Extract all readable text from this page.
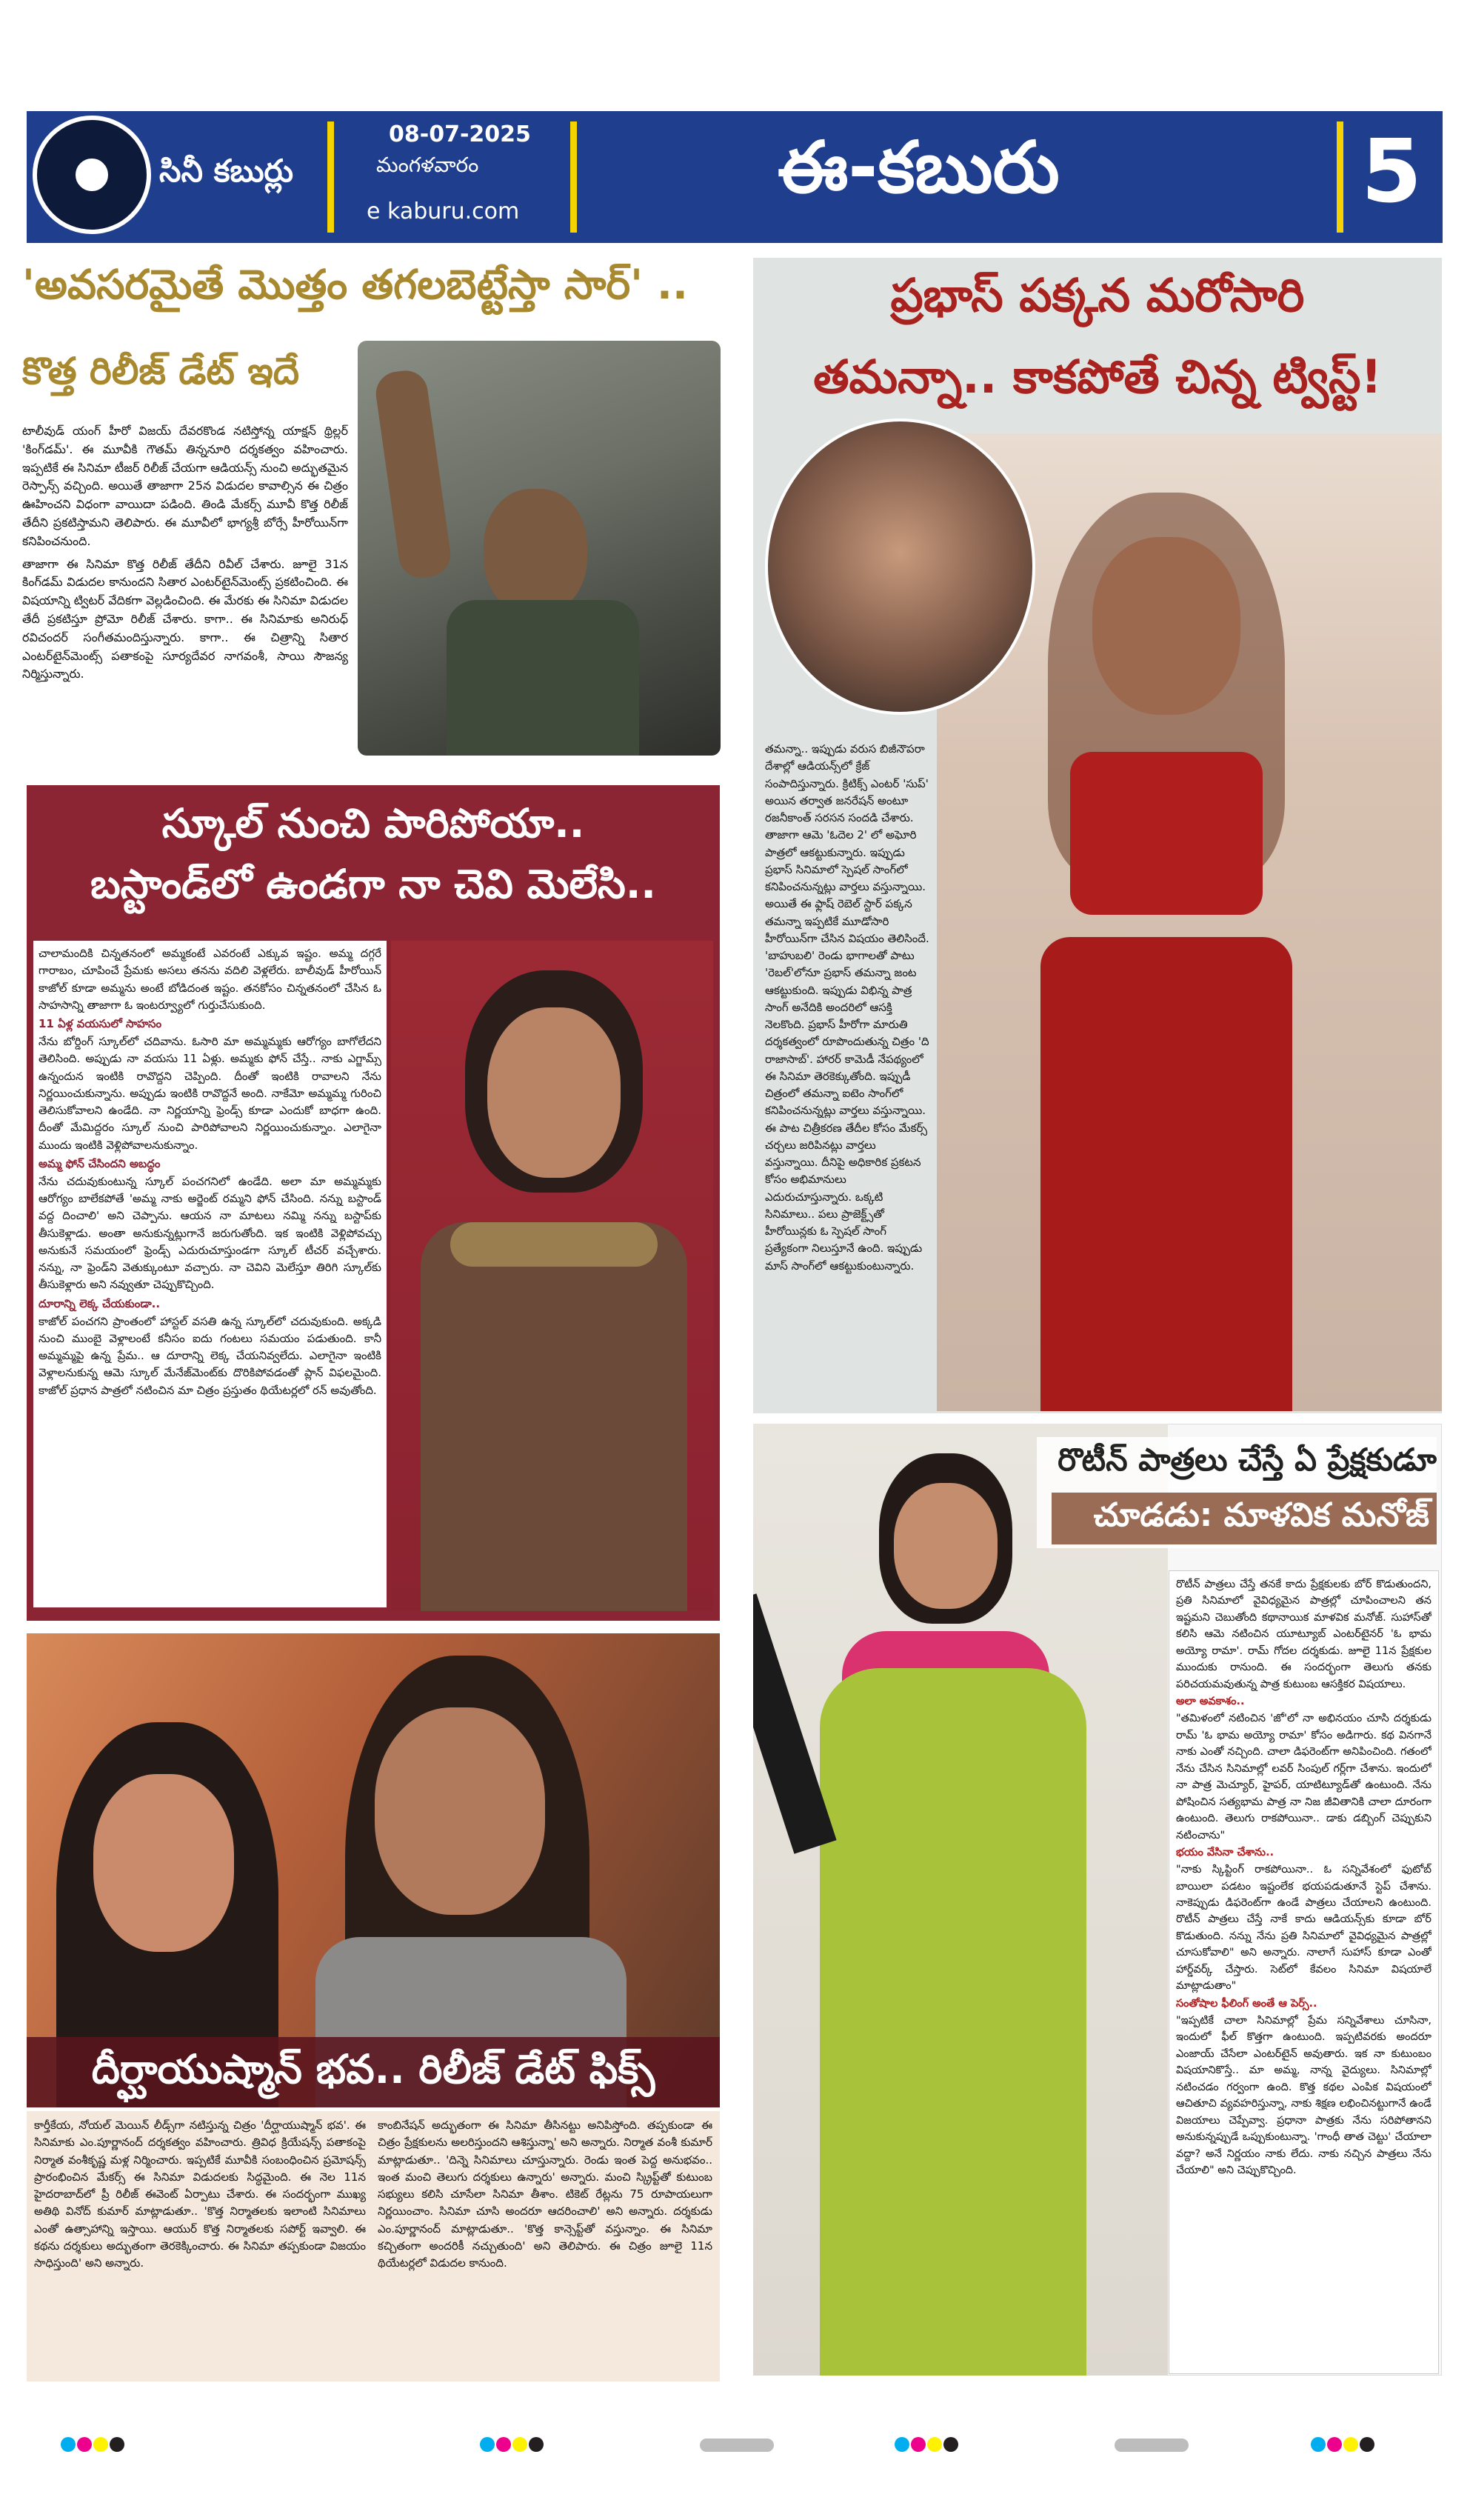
సినీ కబుర్లు
08-07-2025
మంగళవారం
e kaburu.com
ఈ-కబురు	5
'అవసరమైతే మొత్తం తగలబెట్టేస్తా సార్' ..
కొత్త రిలీజ్ డేట్ ఇదే

టాలీవుడ్ యంగ్ హీరో విజయ్ దేవరకొండ నటిస్తోన్న యాక్షన్ థ్రిల్లర్ 'కింగ్‌డమ్'. ఈ మూవీకి గౌతమ్ తిన్ననూరి దర్శకత్వం వహించారు. ఇప్పటికే ఈ సినిమా టీజర్ రిలీజ్ చేయగా ఆడియన్స్ నుంచి అద్భుతమైన రెస్పాన్స్ వచ్చింది. అయితే తాజాగా 25న విడుదల కావాల్సిన ఈ చిత్రం ఊహించని విధంగా వాయిదా పడింది. తిండి మేకర్స్ మూవీ కొత్త రిలీజ్ తేదీని ప్రకటిస్తామని తెలిపారు. ఈ మూవీలో భాగ్యశ్రీ బోర్సే హీరోయిన్‌గా కనిపించనుంది.

తాజాగా ఈ సినిమా కొత్త రిలీజ్ తేదీని రివీల్ చేశారు. జూలై 31న కింగ్‌డమ్ విడుదల కానుందని సితార ఎంటర్‌టైన్‌మెంట్స్ ప్రకటించింది. ఈ విషయాన్ని ట్విటర్ వేదికగా వెల్లడించింది. ఈ మేరకు ఈ సినిమా విడుదల తేదీ ప్రకటిస్తూ ప్రోమో రిలీజ్ చేశారు. కాగా.. ఈ సినిమాకు అనిరుధ్ రవిచందర్ సంగీతమందిస్తున్నారు. కాగా.. ఈ చిత్రాన్ని సితార ఎంటర్‌టైన్‌మెంట్స్ పతాకంపై సూర్యదేవర నాగవంశీ, సాయి సౌజన్య నిర్మిస్తున్నారు.

ప్రభాస్ పక్కన మరోసారి
తమన్నా.. కాకపోతే చిన్న ట్విస్ట్!

తమన్నా.. ఇప్పుడు వరుస బిజీనౌపరా దేశాల్లో ఆడియన్స్‌లో క్రేజ్ సంపాదిస్తున్నారు. క్రిటిక్స్ ఎంటర్ 'సుప్' అయిన తర్వాత జనరేషన్ అంటూ రజనీకాంత్ సరసన సందడి చేశారు. తాజాగా ఆమె 'ఓదెల 2' లో అఘోరి పాత్రలో ఆకట్టుకున్నారు. ఇప్పుడు ప్రభాస్ సినిమాలో స్పెషల్ సాంగ్‌లో కనిపించనున్నట్లు వార్తలు వస్తున్నాయి. అయితే ఈ ఫ్లాష్ రెబెల్ స్టార్ పక్కన తమన్నా ఇప్పటికే మూడోసారి హీరోయిన్‌గా చేసిన విషయం తెలిసిందే. 'బాహుబలి' రెండు భాగాలతో పాటు 'రెబల్'లోనూ ప్రభాస్ తమన్నా జంట ఆకట్టుకుంది. ఇప్పుడు విభిన్న పాత్ర సాంగ్ అనేదికి అందరిలో ఆసక్తి నెలకొంది. ప్రభాస్ హీరోగా మారుతి దర్శకత్వంలో రూపొందుతున్న చిత్రం 'ది రాజాసాబ్'. హారర్ కామెడీ నేపథ్యంలో ఈ సినిమా తెరకెక్కుతోంది. ఇప్పుడీ చిత్రంలో తమన్నా ఐటెం సాంగ్‌లో కనిపించనున్నట్లు వార్తలు వస్తున్నాయి. ఈ పాట చిత్రీకరణ తేదీల కోసం మేకర్స్ చర్చలు జరిపినట్లు వార్తలు వస్తున్నాయి. దీనిపై అధికారిక ప్రకటన కోసం అభిమానులు ఎదురుచూస్తున్నారు. ఒక్కటి సినిమాలు.. పలు ప్రాజెక్ట్స్‌తో హీరోయిన్లకు ఓ స్పెషల్ సాంగ్ ప్రత్యేకంగా నిలుస్తూనే ఉంది. ఇప్పుడు మాస్ సాంగ్‌లో ఆకట్టుకుంటున్నారు.

స్కూల్ నుంచి పారిపోయా..
బస్టాండ్‌లో ఉండగా నా చెవి మెలేసి..

చాలామందికి చిన్నతనంలో అమ్మకంటే ఎవరంటే ఎక్కువ ఇష్టం. అమ్మ దగ్గరే గారాబం, చూపించే ప్రేమకు అసలు తనను వదిలి వెళ్లలేరు. బాలీవుడ్ హీరోయిన్ కాజోల్ కూడా అమ్మను అంటే బోడిదంత ఇష్టం. తనకోసం చిన్నతనంలో చేసిన ఓ సాహసాన్ని తాజాగా ఓ ఇంటర్వ్యూలో గుర్తుచేసుకుంది.

11 ఏళ్ల వయసులో సాహసం

నేను బోర్డింగ్ స్కూల్‌లో చదివాను. ఓసారి మా అమ్మమ్మకు ఆరోగ్యం బాగోలేదని తెలిసింది. అప్పుడు నా వయసు 11 ఏళ్లు. అమ్మకు ఫోన్ చేస్తే.. నాకు ఎగ్జామ్స్ ఉన్నందున ఇంటికి రావొద్దని చెప్పింది. దీంతో ఇంటికి రావాలని నేను నిర్ణయించుకున్నాను. అప్పుడు ఇంటికి రావొద్దనే అంది. నాకేమో అమ్మమ్మ గురించి తెలిసుకోవాలని ఉండేది. నా నిర్ణయాన్ని ఫ్రెండ్స్‌ కూడా ఎందుకో బాధగా ఉంది. దీంతో మేమిద్దరం స్కూల్ నుంచి పారిపోవాలని నిర్ణయించుకున్నాం. ఎలాగైనా ముందు ఇంటికి వెళ్లిపోవాలనుకున్నాం.

అమ్మ ఫోన్ చేసిందని అబద్ధం

నేను చదువుకుంటున్న స్కూల్ పంచగనిలో ఉండేది. అలా మా అమ్మమ్మకు ఆరోగ్యం బాలేకపోతే 'అమ్మ నాకు అర్జెంట్‌ రమ్మని ఫోన్ చేసింది. నన్ను బస్టాండ్ వద్ద దించాలి' అని చెప్పాను. ఆయన నా మాటలు నమ్మి నన్ను బస్టాప్‌కు తీసుకెళ్లాడు. అంతా అనుకున్నట్లుగానే జరుగుతోంది. ఇక ఇంటికి వెళ్లిపోవచ్చు అనుకునే సమయంలో ఫ్రెండ్స్ ఎదురుచూస్తుండగా స్కూల్ టీచర్ వచ్చేశారు. నన్ను, నా ఫ్రెండ్‌ని వెతుక్కుంటూ వచ్చారు. నా చెవిని మెలేస్తూ తిరిగి స్కూల్‌కు తీసుకెళ్లారు అని నవ్వుతూ చెప్పుకొచ్చింది.

దూరాన్ని లెక్క చేయకుండా..

కాజోల్ పంచగని ప్రాంతంలో హాస్టల్ వసతి ఉన్న స్కూల్‌లో చదువుకుంది. అక్కడి నుంచి ముంబై వెళ్లాలంటే కనీసం ఐదు గంటలు సమయం పడుతుంది. కానీ అమ్మమ్మపై ఉన్న ప్రేమ.. ఆ దూరాన్ని లెక్క చేయనివ్వలేదు. ఎలాగైనా ఇంటికి వెళ్లాలనుకున్న ఆమె స్కూల్ మేనేజ్‌మెంట్‌కు దొరికిపోవడంతో ప్లాన్ విఫలమైంది. కాజోల్ ప్రధాన పాత్రలో నటించిన మా చిత్రం ప్రస్తుతం థియేటర్లలో రన్ అవుతోంది.

రొటీన్ పాత్రలు చేస్తే ఏ ప్రేక్షకుడూ
చూడడు: మాళవిక మనోజ్

రొటీన్ పాత్రలు చేస్తే తనకే కాదు ప్రేక్షకులకు బోర్ కొడుతుందని, ప్రతి సినిమాలో వైవిధ్యమైన పాత్రల్లో చూపించాలని తన ఇష్టమని చెబుతోంది కథానాయిక మాళవిక మనోజ్. సుహాస్‌తో కలిసి ఆమె నటించిన యూట్యూబ్ ఎంటర్‌టైనర్ 'ఓ భామ అయ్యో రామా'. రామ్ గోదల దర్శకుడు. జూలై 11న ప్రేక్షకుల ముందుకు రానుంది. ఈ సందర్భంగా తెలుగు తనకు పరిచయమవుతున్న పాత్ర కుటుంబ ఆసక్తికర విషయాలు.

అలా అవకాశం..

"తమిళంలో నటించిన 'జో'లో నా అభినయం చూసి దర్శకుడు రామ్ 'ఓ భామ అయ్యో రామా' కోసం అడిగారు. కథ వినగానే నాకు ఎంతో నచ్చింది. చాలా డిఫరెంట్‌గా అనిపించింది. గతంలో నేను చేసిన సినిమాల్లో లవర్ సింపుల్ గర్ల్‌గా చేశాను. ఇందులో నా పాత్ర మెచ్యూర్, హైపర్, యాటిట్యూడ్‌తో ఉంటుంది. నేను పోషించిన సత్యభామ పాత్ర నా నిజ జీవితానికి చాలా దూరంగా ఉంటుంది. తెలుగు రాకపోయినా.. డాకు డబ్బింగ్ చెప్పుకుని నటించాను"

భయం వేసినా చేశాను..

"నాకు స్కిప్టింగ్ రాకపోయినా.. ఓ సన్నివేశంలో ఫుటోబ్ బాయిలా పడటం ఇష్టంలేక భయపడుతూనే స్టెప్ చేశాను. నాకెప్పుడు డిఫరెంట్‌గా ఉండే పాత్రలు చేయాలని ఉంటుంది. రొటీన్ పాత్రలు చేస్తే నాకే కాదు ఆడియన్స్‌కు కూడా బోర్ కొడుతుంది. నన్ను నేను ప్రతి సినిమాలో వైవిధ్యమైన పాత్రల్లో చూసుకోవాలి" అని అన్నారు. నాలాగే సుహాస్ కూడా ఎంతో హార్డ్‌వర్క్ చేస్తారు. సెట్‌లో కేవలం సినిమా విషయాలే మాట్లాడుతాం"

సంతోషాల ఫీలింగ్ అంతే ఆ పెర్స్..

"ఇప్పటికే చాలా సినిమాల్లో ప్రేమ సన్నివేశాలు చూసినా, ఇందులో ఫీల్ కొత్తగా ఉంటుంది. ఇప్పటివరకు అందరూ ఎంజాయ్ చేసేలా ఎంటర్‌టైన్ అవుతారు. ఇక నా కుటుంబం విషయానికొస్తే.. మా అమ్మ, నాన్న వైద్యులు. సినిమాల్లో నటించడం గర్వంగా ఉంది. కొత్త కథల ఎంపిక విషయంలో ఆచితూచి వ్యవహరిస్తున్నా, నాకు శిక్షణ లభించినట్టుగానే ఉండే విజయాలు చెప్పేవ్వా. ప్రధానా పాత్రకు నేను సరిపోతానని అనుకున్నప్పుడే ఒప్పుకుంటున్నా. 'గాంధీ తాత చెట్టు' చేయాలా వద్దా? అనే నిర్ణయం నాకు లేదు. నాకు నచ్చిన పాత్రలు నేను చేయాలి" అని చెప్పుకొచ్చింది.

దీర్ఘాయుష్మాన్ భవ.. రిలీజ్ డేట్ ఫిక్స్

కార్తీకేయ, నోయల్ మెయిన్ లీడ్స్‌గా నటిస్తున్న చిత్రం 'దీర్ఘాయుష్మాన్ భవ'. ఈ సినిమాకు ఎం.పూర్ణానంద్ దర్శకత్వం వహించారు. త్రివిధ క్రియేషన్స్ పతాకంపై నిర్మాత వంశీకృష్ణ మళ్ల నిర్మించారు. ఇప్పటికే మూవీకి సంబంధించిన ప్రమోషన్స్ ప్రారంభించిన మేకర్స్ ఈ సినిమా విడుదలకు సిద్ధమైంది. ఈ నెల 11న హైదరాబాద్‌లో ప్రీ రిలీజ్ ఈవెంట్ ఏర్పాటు చేశారు. ఈ సందర్భంగా ముఖ్య అతిథి వినోద్ కుమార్ మాట్లాడుతూ.. 'కొత్త నిర్మాతలకు ఇలాంటి సినిమాలు ఎంతో ఉత్సాహాన్ని ఇస్తాయి. ఆయుర్ కొత్త నిర్మాతలకు సపోర్ట్ ఇవ్వాలి. ఈ కథను దర్శకులు అద్భుతంగా తెరకెక్కించారు. ఈ సినిమా తప్పకుండా విజయం సాధిస్తుంది' అని అన్నారు.

కాంబినేషన్ అద్భుతంగా ఈ సినిమా తీసినట్టు అనిపిస్తోంది. తప్పకుండా ఈ చిత్రం ప్రేక్షకులను అలరిస్తుందని ఆశిస్తున్నా' అని అన్నారు. నిర్మాత వంశీ కుమార్ మాట్లాడుతూ.. 'దిన్నె సినిమాలు చూస్తున్నారు. రెండు ఇంత పెద్ద అనుభవం.. ఇంత మంచి తెలుగు దర్శకులు ఉన్నారు' అన్నారు. మంచి స్క్రిప్ట్‌తో కుటుంబ సభ్యులు కలిసి చూసేలా సినిమా తీశాం. టికెట్ రేట్లను 75 రూపాయలుగా నిర్ణయించాం. సినిమా చూసి అందరూ ఆదరించాలి' అని అన్నారు. దర్శకుడు ఎం.పూర్ణానంద్ మాట్లాడుతూ.. 'కొత్త కాన్సెప్ట్‌తో వస్తున్నాం. ఈ సినిమా కచ్చితంగా అందరికీ నచ్చుతుంది' అని తెలిపారు. ఈ చిత్రం జూలై 11న థియేటర్లలో విడుదల కానుంది.
